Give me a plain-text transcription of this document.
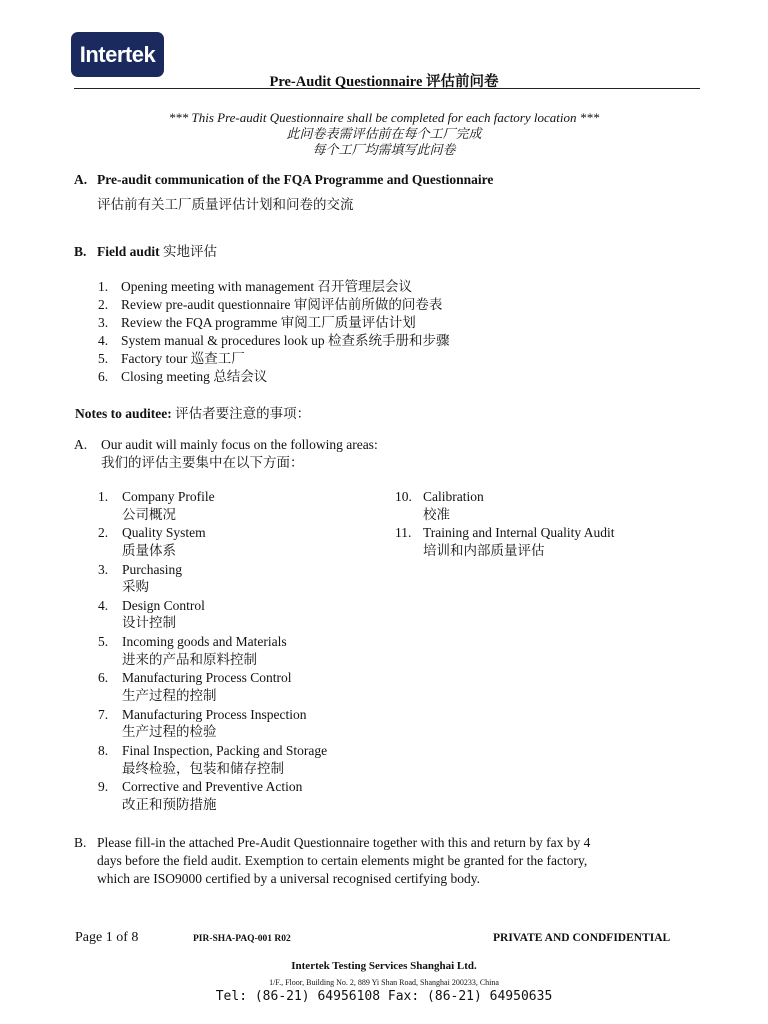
Intertek
Pre-Audit Questionnaire 评估前问卷
*** This Pre-audit Questionnaire shall be completed for each factory location ***
此问卷表需评估前在每个工厂完成
每个工厂均需填写此问卷
A. Pre-audit communication of the FQA Programme and Questionnaire
评估前有关工厂质量评估计划和问卷的交流
B. Field audit 实地评估
1. Opening meeting with management 召开管理层会议
2. Review pre-audit questionnaire 审阅评估前所做的问卷表
3. Review the FQA programme 审阅工厂质量评估计划
4. System manual & procedures look up 检查系统手册和步骤
5. Factory tour 巡查工厂
6. Closing meeting 总结会议
Notes to auditee: 评估者要注意的事项：
A. Our audit will mainly focus on the following areas:
我们的评估主要集中在以下方面：
1. Company Profile
公司概况
2. Quality System
质量体系
3. Purchasing
采购
4. Design Control
设计控制
5. Incoming goods and Materials
进来的产品和原料控制
6. Manufacturing Process Control
生产过程的控制
7. Manufacturing Process Inspection
生产过程的检验
8. Final Inspection, Packing and Storage
最终检验，包装和储存控制
9. Corrective and Preventive Action
改正和预防措施
10. Calibration
校准
11. Training and Internal Quality Audit
培训和内部质量评估
B. Please fill-in the attached Pre-Audit Questionnaire together with this and return by fax by 4
days before the field audit. Exemption to certain elements might be granted for the factory,
which are ISO9000 certified by a universal recognised certifying body.
Page 1 of 8	PIR-SHA-PAQ-001 R02	PRIVATE AND CONDFIDENTIAL
Intertek Testing Services Shanghai Ltd.
1/F., Floor, Building No. 2, 889 Yi Shan Road, Shanghai 200233, China
Tel: (86-21) 64956108 Fax: (86-21) 64950635
